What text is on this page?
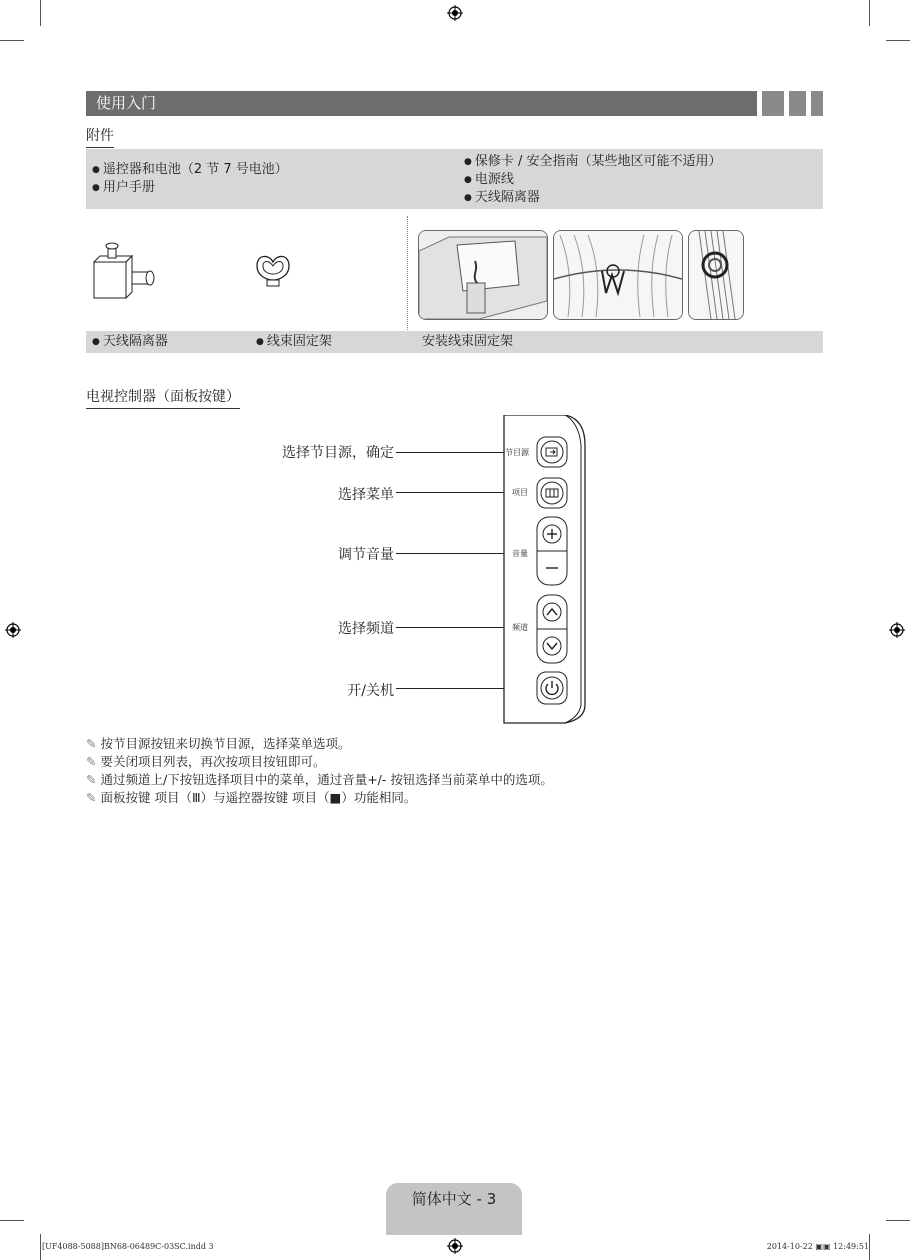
使用入门
附件
● 遥控器和电池（2 节 7 号电池）
● 用户手册
● 保修卡 / 安全指南（某些地区可能不适用）
● 电源线
● 天线隔离器
● 天线隔离器
●	线束固定架	安装线束固定架
电视控制器（面板按键）
选择节目源，确定
选择菜单
调节音量
选择频道
开/关机
节目源
项目
音量
频道
✎ 按节目源按钮来切换节目源，选择菜单选项。
✎ 要关闭项目列表，再次按项目按钮即可。
✎ 通过频道上/下按钮选择项目中的菜单，通过音量+/- 按钮选择当前菜单中的选项。
✎ 面板按键 项目（Ⅲ）与遥控器按键 项目（■）功能相同。
简体中文 - 3
[UF4088-5088]BN68-06489C-03SC.indd 3	2014-10-22 ▣▣ 12:49:51
